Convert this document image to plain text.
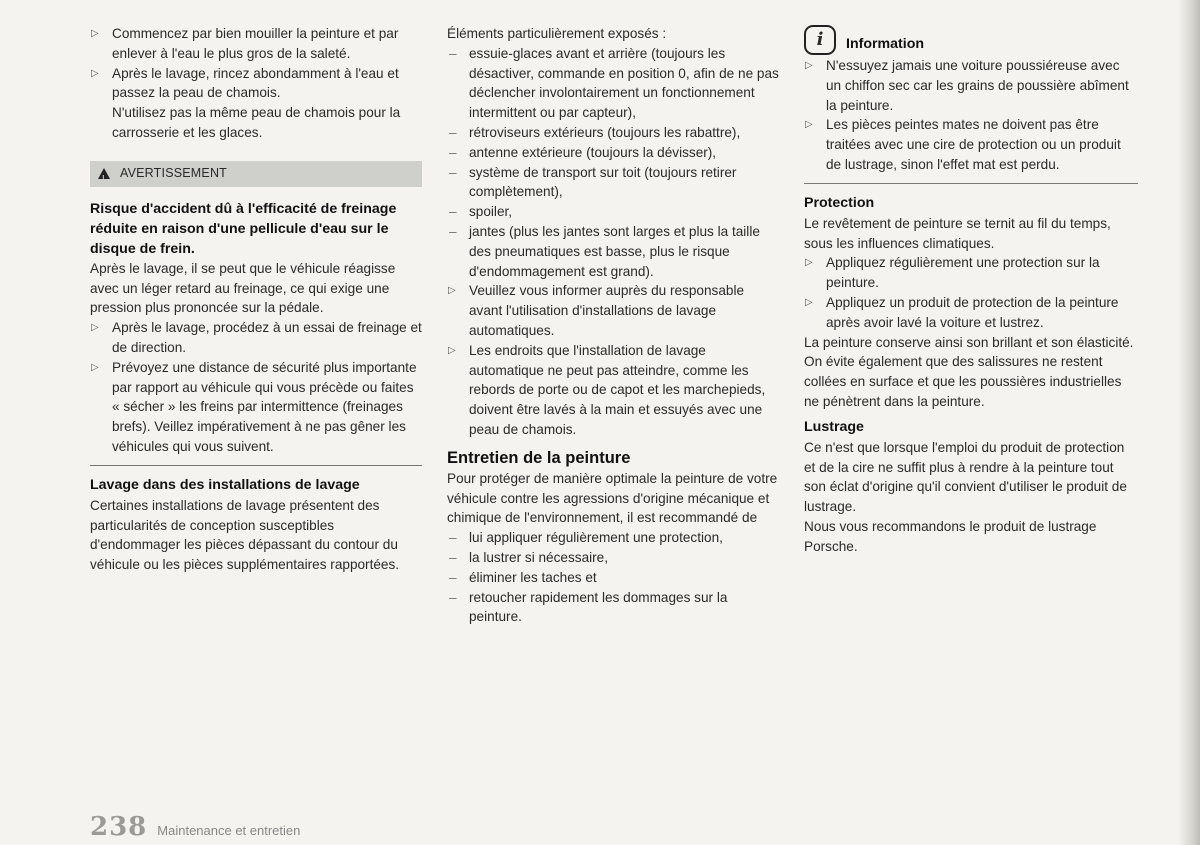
▷ Commencez par bien mouiller la peinture et par enlever à l'eau le plus gros de la saleté.

▷ Après le lavage, rincez abondamment à l'eau et passez la peau de chamois.

N'utilisez pas la même peau de chamois pour la carrosserie et les glaces.

!
AVERTISSEMENT

Risque d'accident dû à l'efficacité de freinage réduite en raison d'une pellicule d'eau sur le disque de frein.

Après le lavage, il se peut que le véhicule réagisse avec un léger retard au freinage, ce qui exige une pression plus prononcée sur la pédale.

▷ Après le lavage, procédez à un essai de freinage et de direction.

▷ Prévoyez une distance de sécurité plus importante par rapport au véhicule qui vous précède ou faites « sécher » les freins par intermittence (freinages brefs). Veillez impérativement à ne pas gêner les véhicules qui vous suivent.

Lavage dans des installations de lavage

Certaines installations de lavage présentent des particularités de conception susceptibles d'endommager les pièces dépassant du contour du véhicule ou les pièces supplémentaires rapportées.

Éléments particulièrement exposés :

– essuie-glaces avant et arrière (toujours les désactiver, commande en position 0, afin de ne pas déclencher involontairement un fonctionnement intermittent ou par capteur),

– rétroviseurs extérieurs (toujours les rabattre),

– antenne extérieure (toujours la dévisser),

– système de transport sur toit (toujours retirer complètement),

– spoiler,

– jantes (plus les jantes sont larges et plus la taille des pneumatiques est basse, plus le risque d'endommagement est grand).

▷ Veuillez vous informer auprès du responsable avant l'utilisation d'installations de lavage automatiques.

▷ Les endroits que l'installation de lavage automatique ne peut pas atteindre, comme les rebords de porte ou de capot et les marchepieds, doivent être lavés à la main et essuyés avec une peau de chamois.

Entretien de la peinture

Pour protéger de manière optimale la peinture de votre véhicule contre les agressions d'origine mécanique et chimique de l'environnement, il est recommandé de

– lui appliquer régulièrement une protection,

– la lustrer si nécessaire,

– éliminer les taches et

– retoucher rapidement les dommages sur la peinture.

i	Information

▷ N'essuyez jamais une voiture poussiéreuse avec un chiffon sec car les grains de poussière abîment la peinture.

▷ Les pièces peintes mates ne doivent pas être traitées avec une cire de protection ou un produit de lustrage, sinon l'effet mat est perdu.

Protection

Le revêtement de peinture se ternit au fil du temps, sous les influences climatiques.

▷ Appliquez régulièrement une protection sur la peinture.

▷ Appliquez un produit de protection de la peinture après avoir lavé la voiture et lustrez.

La peinture conserve ainsi son brillant et son élasticité. On évite également que des salissures ne restent collées en surface et que les poussières industrielles ne pénètrent dans la peinture.

Lustrage

Ce n'est que lorsque l'emploi du produit de protection et de la cire ne suffit plus à rendre à la peinture tout son éclat d'origine qu'il convient d'utiliser le produit de lustrage.

Nous vous recommandons le produit de lustrage Porsche.

238 Maintenance et entretien
